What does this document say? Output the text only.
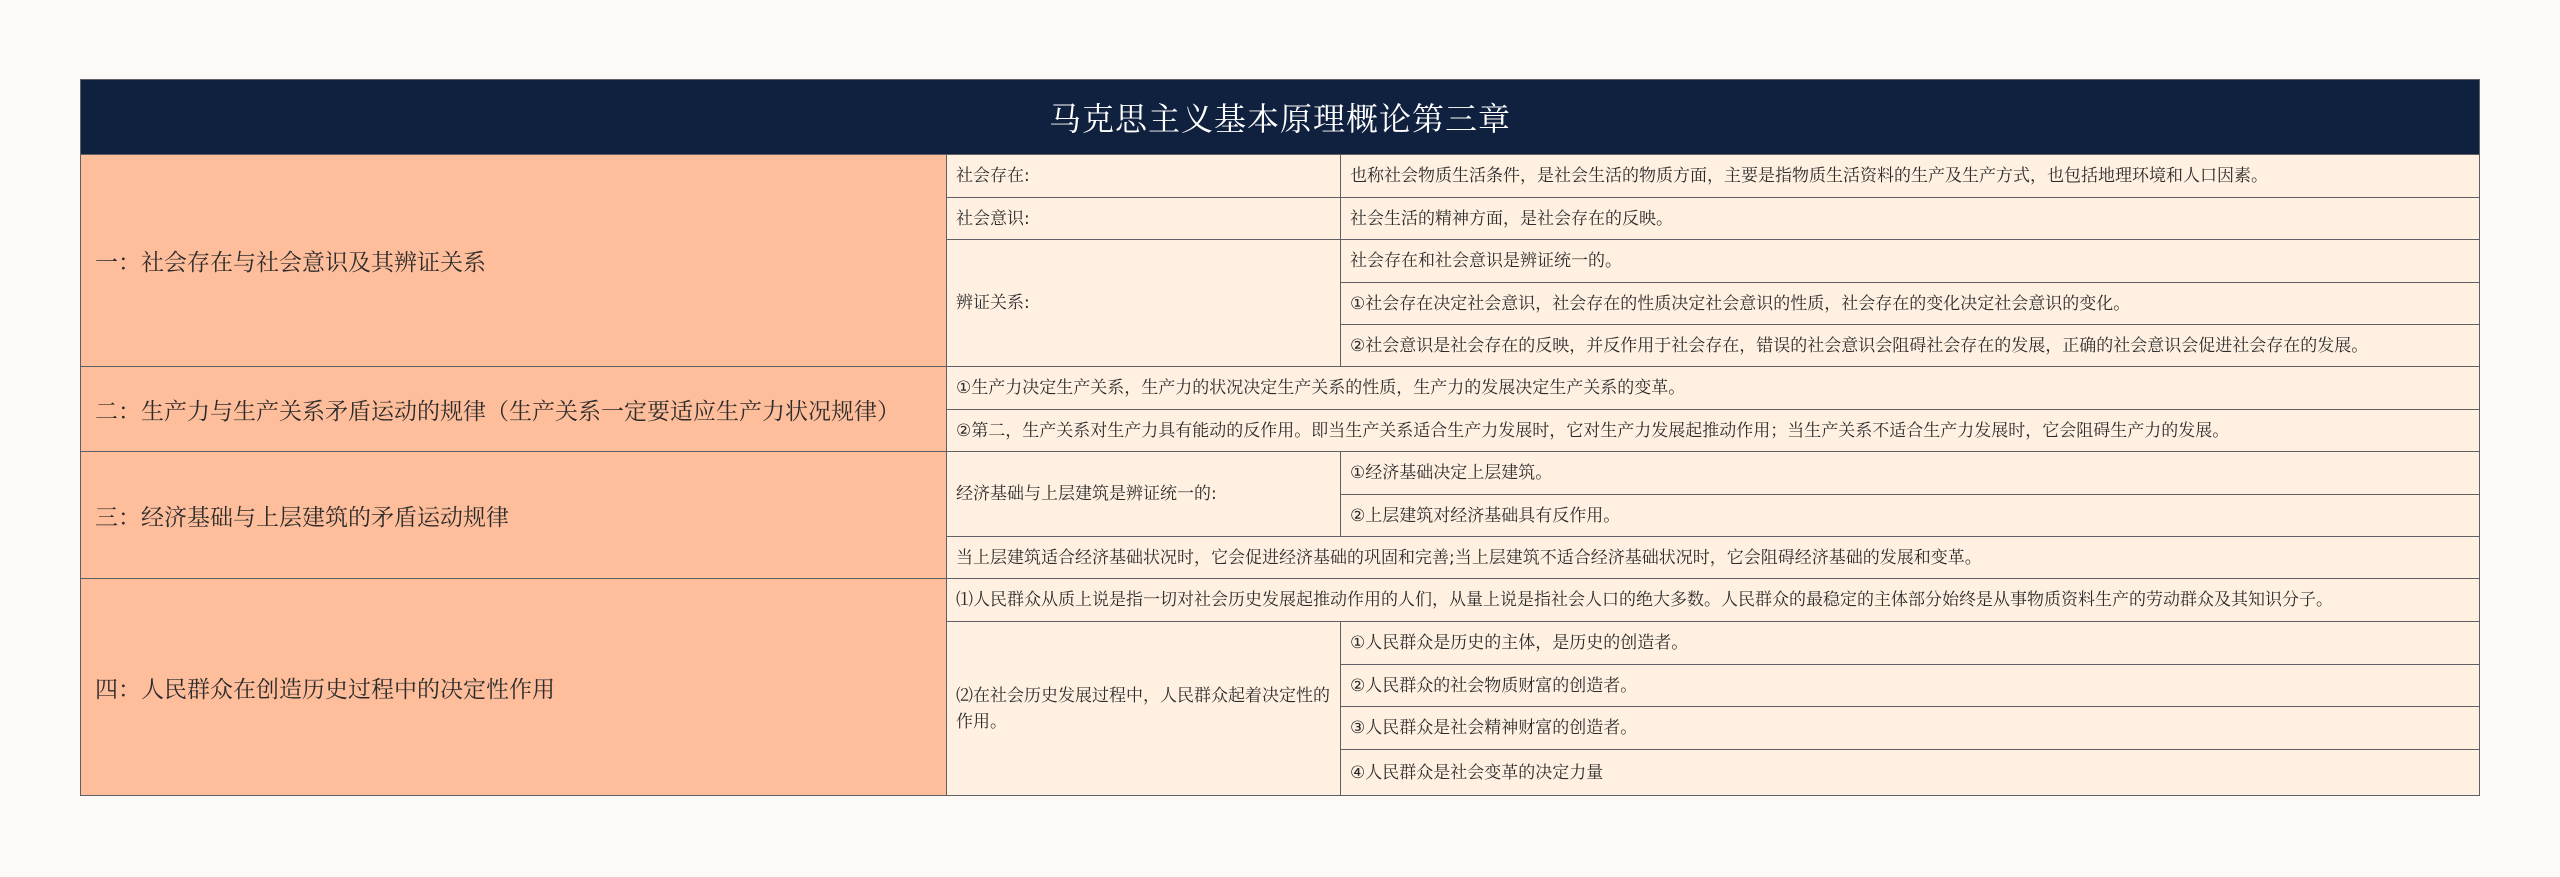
马克思主义基本原理概论第三章
一：社会存在与社会意识及其辨证关系
社会存在:	也称社会物质生活条件，是社会生活的物质方面，主要是指物质生活资料的生产及生产方式，也包括地理环境和人口因素。
社会意识:	社会生活的精神方面，是社会存在的反映。
辨证关系:
社会存在和社会意识是辨证统一的。
①社会存在决定社会意识，社会存在的性质决定社会意识的性质，社会存在的变化决定社会意识的变化。
②社会意识是社会存在的反映，并反作用于社会存在，错误的社会意识会阻碍社会存在的发展，正确的社会意识会促进社会存在的发展。
二：生产力与生产关系矛盾运动的规律（生产关系一定要适应生产力状况规律）
①生产力决定生产关系，生产力的状况决定生产关系的性质，生产力的发展决定生产关系的变革。
②第二，生产关系对生产力具有能动的反作用。即当生产关系适合生产力发展时，它对生产力发展起推动作用；当生产关系不适合生产力发展时，它会阻碍生产力的发展。
三：经济基础与上层建筑的矛盾运动规律
经济基础与上层建筑是辨证统一的:
①经济基础决定上层建筑。
②上层建筑对经济基础具有反作用。
当上层建筑适合经济基础状况时，它会促进经济基础的巩固和完善;当上层建筑不适合经济基础状况时，它会阻碍经济基础的发展和变革。
四：人民群众在创造历史过程中的决定性作用
⑴人民群众从质上说是指一切对社会历史发展起推动作用的人们，从量上说是指社会人口的绝大多数。人民群众的最稳定的主体部分始终是从事物质资料生产的劳动群众及其知识分子。
⑵在社会历史发展过程中，人民群众起着决定性的作用。
①人民群众是历史的主体，是历史的创造者。
②人民群众的社会物质财富的创造者。
③人民群众是社会精神财富的创造者。
④人民群众是社会变革的决定力量
